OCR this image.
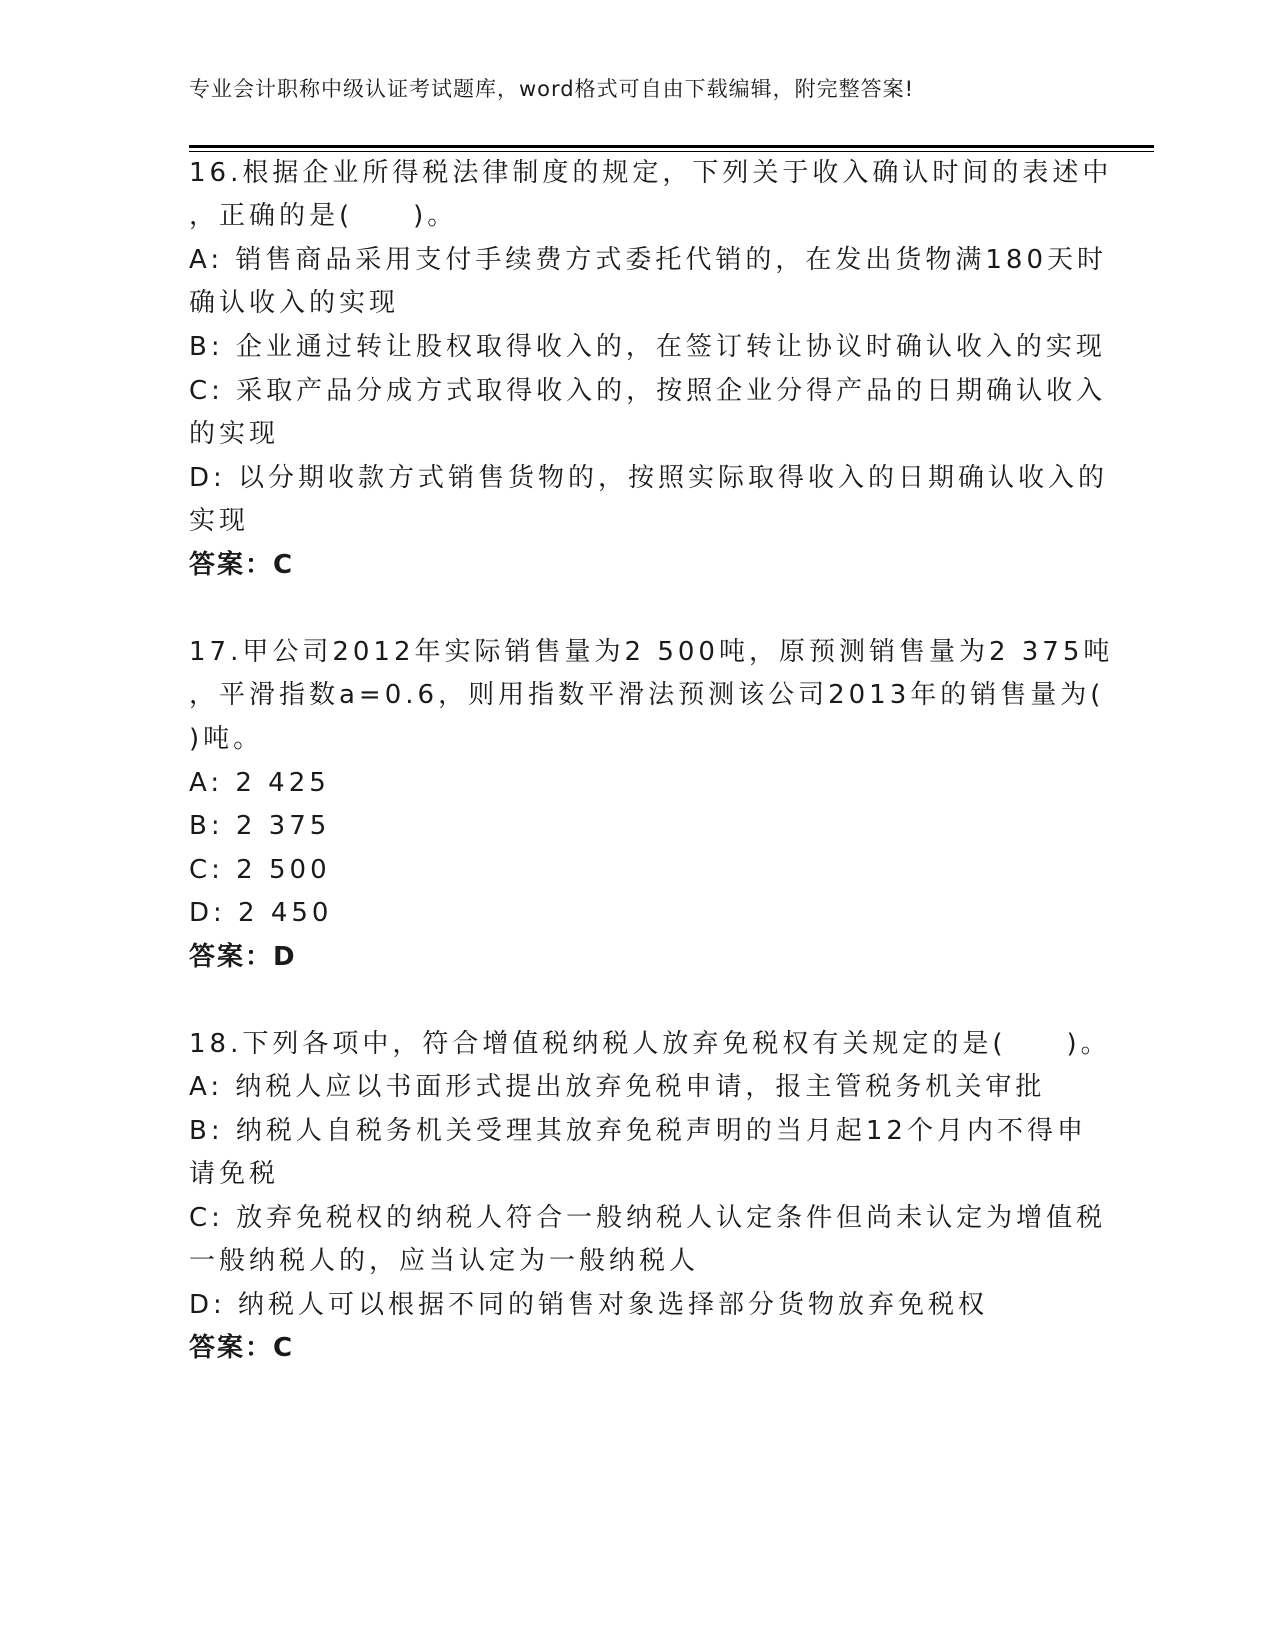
专业会计职称中级认证考试题库，word格式可自由下载编辑，附完整答案!
16.根据企业所得税法律制度的规定，下列关于收入确认时间的表述中
，正确的是(　　)。
A: 销售商品采用支付手续费方式委托代销的，在发出货物满180天时
确认收入的实现
B: 企业通过转让股权取得收入的，在签订转让协议时确认收入的实现
C: 采取产品分成方式取得收入的，按照企业分得产品的日期确认收入
的实现
D: 以分期收款方式销售货物的，按照实际取得收入的日期确认收入的
实现
答案：C
17.甲公司2012年实际销售量为2 500吨，原预测销售量为2 375吨
，平滑指数a=0.6，则用指数平滑法预测该公司2013年的销售量为(
)吨。
A: 2 425
B: 2 375
C: 2 500
D: 2 450
答案：D
18.下列各项中，符合增值税纳税人放弃免税权有关规定的是(　　)。
A: 纳税人应以书面形式提出放弃免税申请，报主管税务机关审批
B: 纳税人自税务机关受理其放弃免税声明的当月起12个月内不得申
请免税
C: 放弃免税权的纳税人符合一般纳税人认定条件但尚未认定为增值税
一般纳税人的，应当认定为一般纳税人
D: 纳税人可以根据不同的销售对象选择部分货物放弃免税权
答案：C
